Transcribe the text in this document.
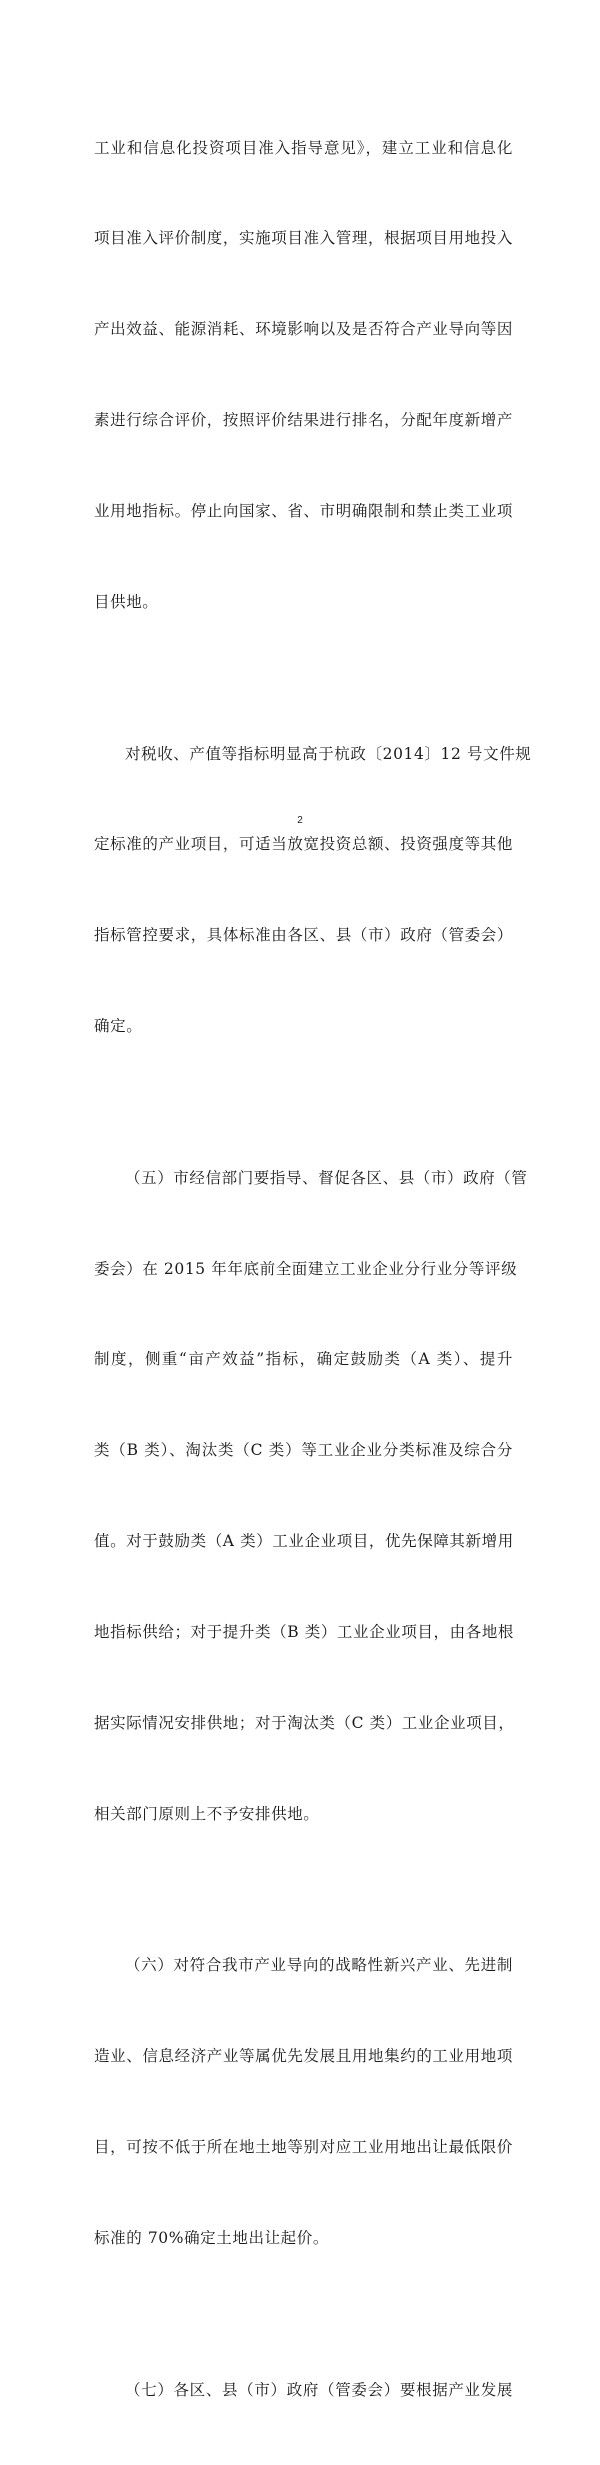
工业和信息化投资项目准入指导意见》，建立工业和信息化

项目准入评价制度，实施项目准入管理，根据项目用地投入

产出效益、能源消耗、环境影响以及是否符合产业导向等因

素进行综合评价，按照评价结果进行排名，分配年度新增产

业用地指标。停止向国家、省、市明确限制和禁止类工业项

目供地。

对税收、产值等指标明显高于杭政〔2014〕12 号文件规

定标准的产业项目，可适当放宽投资总额、投资强度等其他

指标管控要求，具体标准由各区、县（市）政府（管委会）

确定。

（五）市经信部门要指导、督促各区、县（市）政府（管

委会）在 2015 年年底前全面建立工业企业分行业分等评级

制度，侧重“亩产效益”指标，确定鼓励类（A 类）、提升

类（B 类）、淘汰类（C 类）等工业企业分类标准及综合分

值。对于鼓励类（A 类）工业企业项目，优先保障其新增用

地指标供给；对于提升类（B 类）工业企业项目，由各地根

据实际情况安排供地；对于淘汰类（C 类）工业企业项目，

相关部门原则上不予安排供地。

（六）对符合我市产业导向的战略性新兴产业、先进制

造业、信息经济产业等属优先发展且用地集约的工业用地项

目，可按不低于所在地土地等别对应工业用地出让最低限价

标准的 70%确定土地出让起价。

（七）各区、县（市）政府（管委会）要根据产业发展

2
